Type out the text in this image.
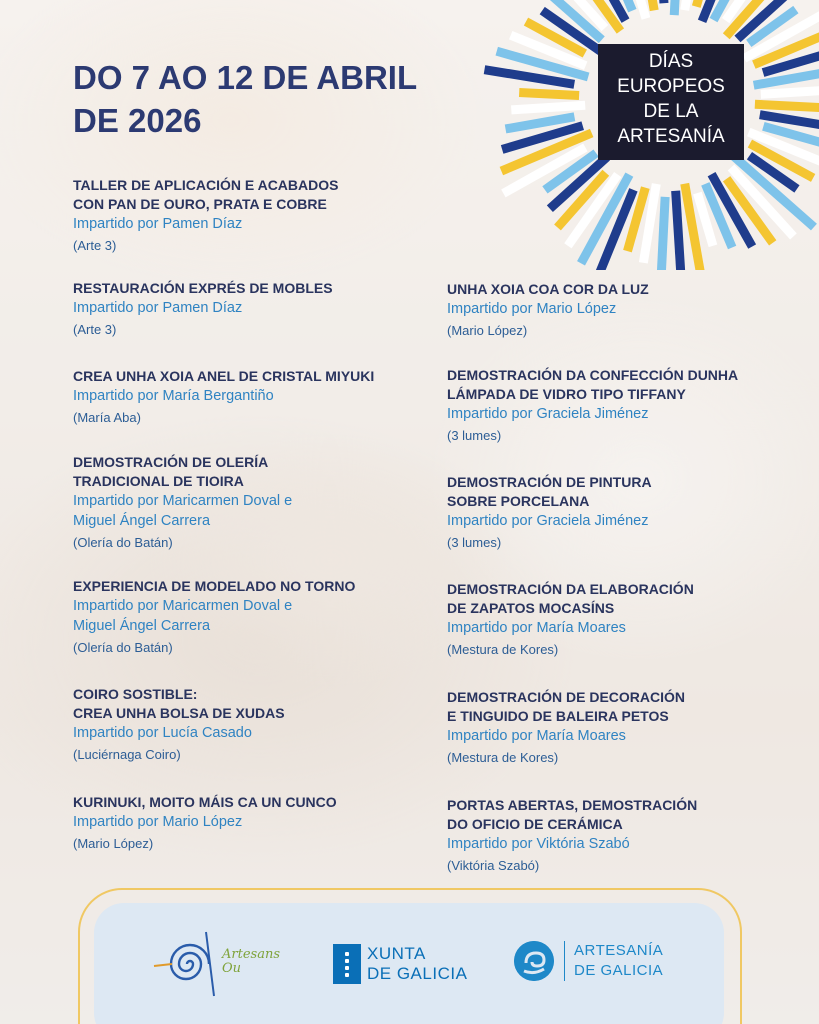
DO 7 AO 12 DE ABRIL
DE 2026
DÍAS
EUROPEOS
DE LA
ARTESANÍA
TALLER DE APLICACIÓN E ACABADOS
CON PAN DE OURO, PRATA E COBRE
Impartido por Pamen Díaz
(Arte 3)
RESTAURACIÓN EXPRÉS DE MOBLES
Impartido por Pamen Díaz
(Arte 3)
CREA UNHA XOIA ANEL DE CRISTAL MIYUKI
Impartido por María Bergantiño
(María Aba)
DEMOSTRACIÓN DE OLERÍA
TRADICIONAL DE TIOIRA
Impartido por Maricarmen Doval e
Miguel Ángel Carrera
(Olería do Batán)
EXPERIENCIA DE MODELADO NO TORNO
Impartido por Maricarmen Doval e
Miguel Ángel Carrera
(Olería do Batán)
COIRO SOSTIBLE:
CREA UNHA BOLSA DE XUDAS
Impartido por Lucía Casado
(Luciérnaga Coiro)
KURINUKI, MOITO MÁIS CA UN CUNCO
Impartido por Mario López
(Mario López)
UNHA XOIA COA COR DA LUZ
Impartido por Mario López
(Mario López)
DEMOSTRACIÓN DA CONFECCIÓN DUNHA
LÁMPADA DE VIDRO TIPO TIFFANY
Impartido por Graciela Jiménez
(3 lumes)
DEMOSTRACIÓN DE PINTURA
SOBRE PORCELANA
Impartido por Graciela Jiménez
(3 lumes)
DEMOSTRACIÓN DA ELABORACIÓN
DE ZAPATOS MOCASÍNS
Impartido por María Moares
(Mestura de Kores)
DEMOSTRACIÓN DE DECORACIÓN
E TINGUIDO DE BALEIRA PETOS
Impartido por María Moares
(Mestura de Kores)
PORTAS ABERTAS, DEMOSTRACIÓN
DO OFICIO DE CERÁMICA
Impartido por Viktória Szabó
(Viktória Szabó)
Artesans
Ou
XUNTA
DE GALICIA
ARTESANÍA
DE GALICIA
